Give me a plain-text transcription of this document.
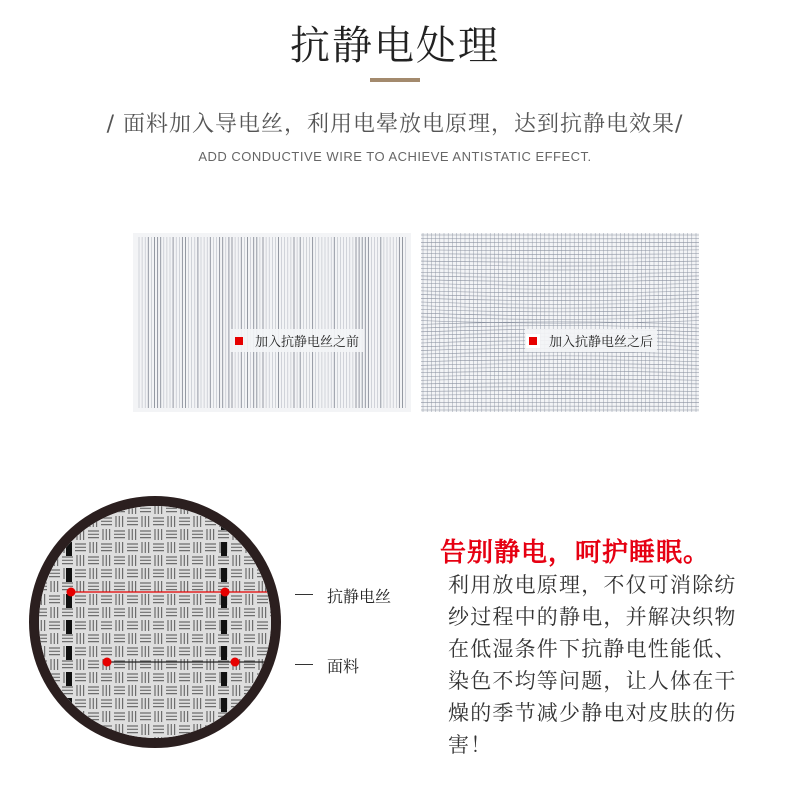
抗静电处理
/ 面料加入导电丝，利用电晕放电原理，达到抗静电效果/
ADD CONDUCTIVE WIRE TO ACHIEVE ANTISTATIC EFFECT.
加入抗静电丝之前	加入抗静电丝之后
抗静电丝
面料
告别静电，呵护睡眠。
利用放电原理，不仅可消除纺纱过程中的静电，并解决织物在低湿条件下抗静电性能低、染色不均等问题，让人体在干燥的季节减少静电对皮肤的伤害！
